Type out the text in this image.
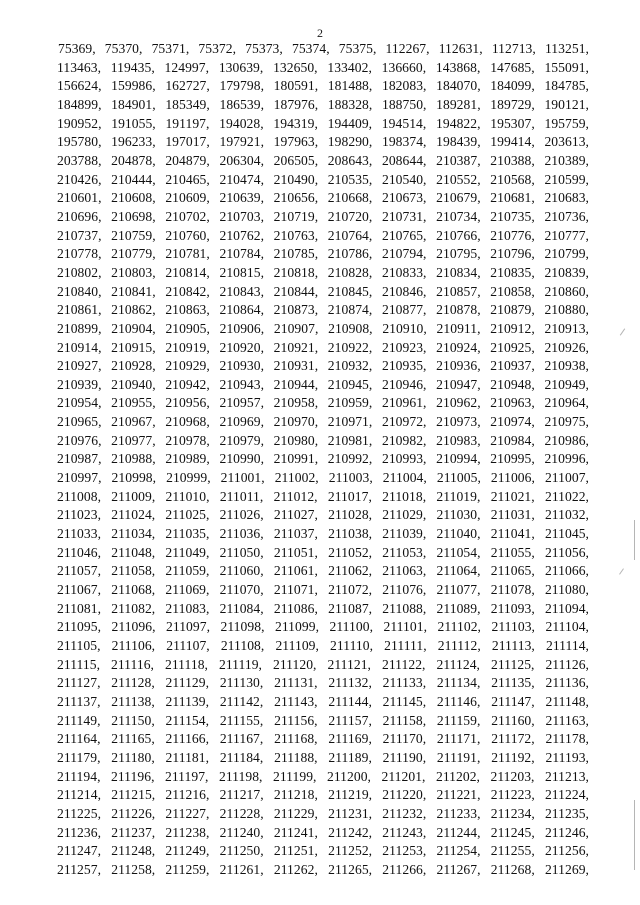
2
75369, 75370, 75371, 75372, 75373, 75374, 75375, 112267, 112631, 112713, 113251,
113463, 119435, 124997, 130639, 132650, 133402, 136660, 143868, 147685, 155091,
156624, 159986, 162727, 179798, 180591, 181488, 182083, 184070, 184099, 184785,
184899, 184901, 185349, 186539, 187976, 188328, 188750, 189281, 189729, 190121,
190952, 191055, 191197, 194028, 194319, 194409, 194514, 194822, 195307, 195759,
195780, 196233, 197017, 197921, 197963, 198290, 198374, 198439, 199414, 203613,
203788, 204878, 204879, 206304, 206505, 208643, 208644, 210387, 210388, 210389,
210426, 210444, 210465, 210474, 210490, 210535, 210540, 210552, 210568, 210599,
210601, 210608, 210609, 210639, 210656, 210668, 210673, 210679, 210681, 210683,
210696, 210698, 210702, 210703, 210719, 210720, 210731, 210734, 210735, 210736,
210737, 210759, 210760, 210762, 210763, 210764, 210765, 210766, 210776, 210777,
210778, 210779, 210781, 210784, 210785, 210786, 210794, 210795, 210796, 210799,
210802, 210803, 210814, 210815, 210818, 210828, 210833, 210834, 210835, 210839,
210840, 210841, 210842, 210843, 210844, 210845, 210846, 210857, 210858, 210860,
210861, 210862, 210863, 210864, 210873, 210874, 210877, 210878, 210879, 210880,
210899, 210904, 210905, 210906, 210907, 210908, 210910, 210911, 210912, 210913,
210914, 210915, 210919, 210920, 210921, 210922, 210923, 210924, 210925, 210926,
210927, 210928, 210929, 210930, 210931, 210932, 210935, 210936, 210937, 210938,
210939, 210940, 210942, 210943, 210944, 210945, 210946, 210947, 210948, 210949,
210954, 210955, 210956, 210957, 210958, 210959, 210961, 210962, 210963, 210964,
210965, 210967, 210968, 210969, 210970, 210971, 210972, 210973, 210974, 210975,
210976, 210977, 210978, 210979, 210980, 210981, 210982, 210983, 210984, 210986,
210987, 210988, 210989, 210990, 210991, 210992, 210993, 210994, 210995, 210996,
210997, 210998, 210999, 211001, 211002, 211003, 211004, 211005, 211006, 211007,
211008, 211009, 211010, 211011, 211012, 211017, 211018, 211019, 211021, 211022,
211023, 211024, 211025, 211026, 211027, 211028, 211029, 211030, 211031, 211032,
211033, 211034, 211035, 211036, 211037, 211038, 211039, 211040, 211041, 211045,
211046, 211048, 211049, 211050, 211051, 211052, 211053, 211054, 211055, 211056,
211057, 211058, 211059, 211060, 211061, 211062, 211063, 211064, 211065, 211066,
211067, 211068, 211069, 211070, 211071, 211072, 211076, 211077, 211078, 211080,
211081, 211082, 211083, 211084, 211086, 211087, 211088, 211089, 211093, 211094,
211095, 211096, 211097, 211098, 211099, 211100, 211101, 211102, 211103, 211104,
211105, 211106, 211107, 211108, 211109, 211110, 211111, 211112, 211113, 211114,
211115, 211116, 211118, 211119, 211120, 211121, 211122, 211124, 211125, 211126,
211127, 211128, 211129, 211130, 211131, 211132, 211133, 211134, 211135, 211136,
211137, 211138, 211139, 211142, 211143, 211144, 211145, 211146, 211147, 211148,
211149, 211150, 211154, 211155, 211156, 211157, 211158, 211159, 211160, 211163,
211164, 211165, 211166, 211167, 211168, 211169, 211170, 211171, 211172, 211178,
211179, 211180, 211181, 211184, 211188, 211189, 211190, 211191, 211192, 211193,
211194, 211196, 211197, 211198, 211199, 211200, 211201, 211202, 211203, 211213,
211214, 211215, 211216, 211217, 211218, 211219, 211220, 211221, 211223, 211224,
211225, 211226, 211227, 211228, 211229, 211231, 211232, 211233, 211234, 211235,
211236, 211237, 211238, 211240, 211241, 211242, 211243, 211244, 211245, 211246,
211247, 211248, 211249, 211250, 211251, 211252, 211253, 211254, 211255, 211256,
211257, 211258, 211259, 211261, 211262, 211265, 211266, 211267, 211268, 211269,
